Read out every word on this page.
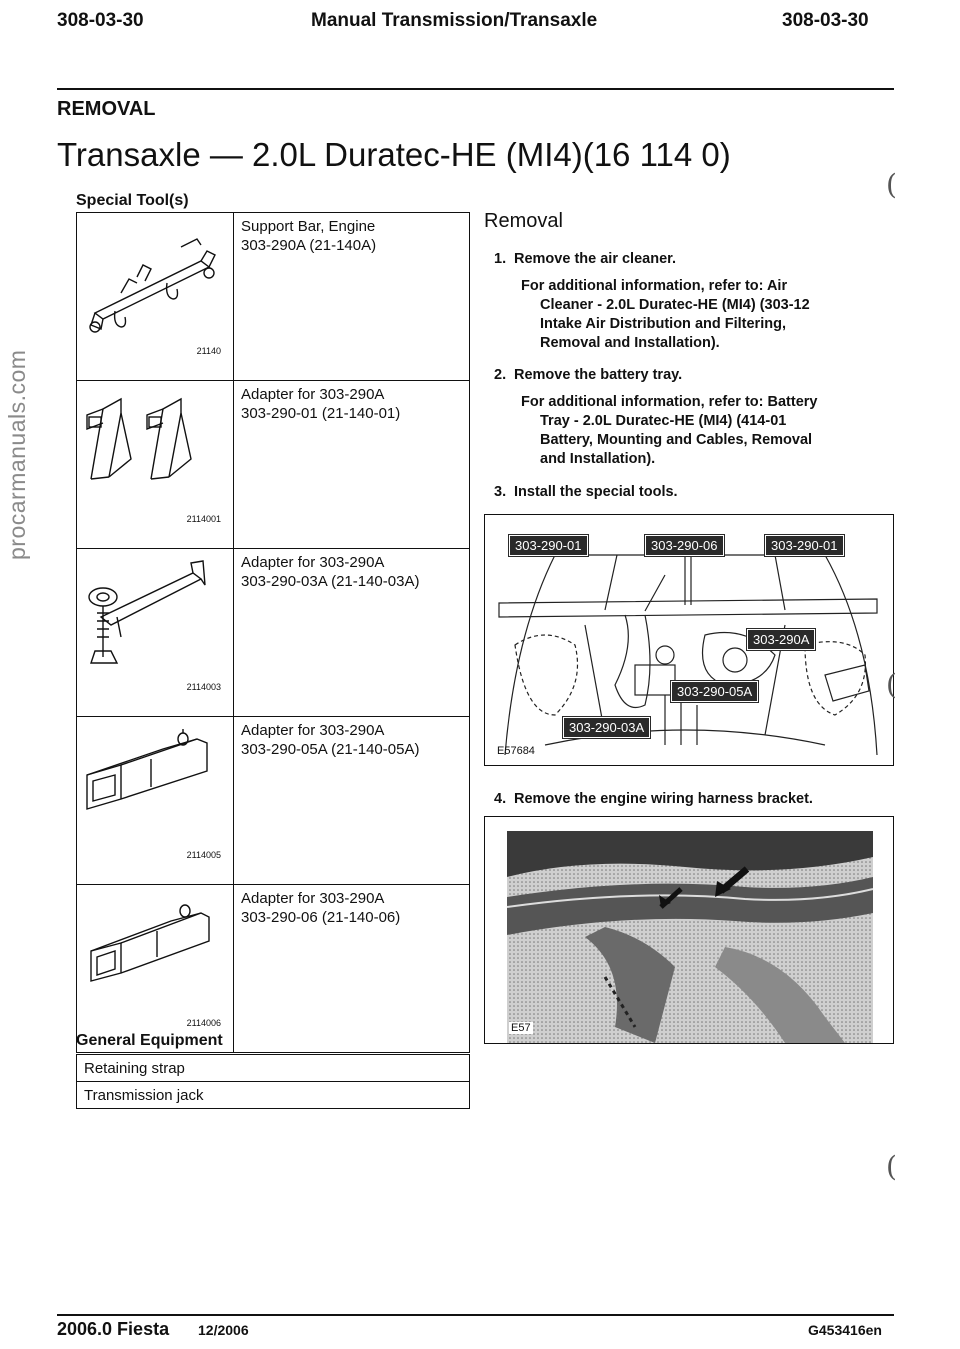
308-03-30	Manual Transmission/Transaxle	308-03-30
REMOVAL
Transaxle — 2.0L Duratec-HE (MI4)(16 114 0)
Special Tool(s)
21140	Support Bar, Engine
303-290A (21-140A)

2114001	Adapter for 303-290A
303-290-01 (21-140-01)

2114003	Adapter for 303-290A
303-290-03A (21-140-03A)

2114005	Adapter for 303-290A
303-290-05A (21-140-05A)

2114006	Adapter for 303-290A
303-290-06 (21-140-06)
General Equipment
Retaining strap
Transmission jack
Removal
1. Remove the air cleaner.
For additional information, refer to: Air
Cleaner - 2.0L Duratec-HE (MI4) (303-12
Intake Air Distribution and Filtering,
Removal and Installation).
2. Remove the battery tray.
For additional information, refer to: Battery
Tray - 2.0L Duratec-HE (MI4) (414-01
Battery, Mounting and Cables, Removal
and Installation).
3. Install the special tools.
303-290-01	303-290-06	303-290-01
303-290A
303-290-05A
303-290-03A
E57684
4. Remove the engine wiring harness bracket.
E57
(
(
(
procarmanuals.com
2006.0 Fiesta 12/2006	G453416en
